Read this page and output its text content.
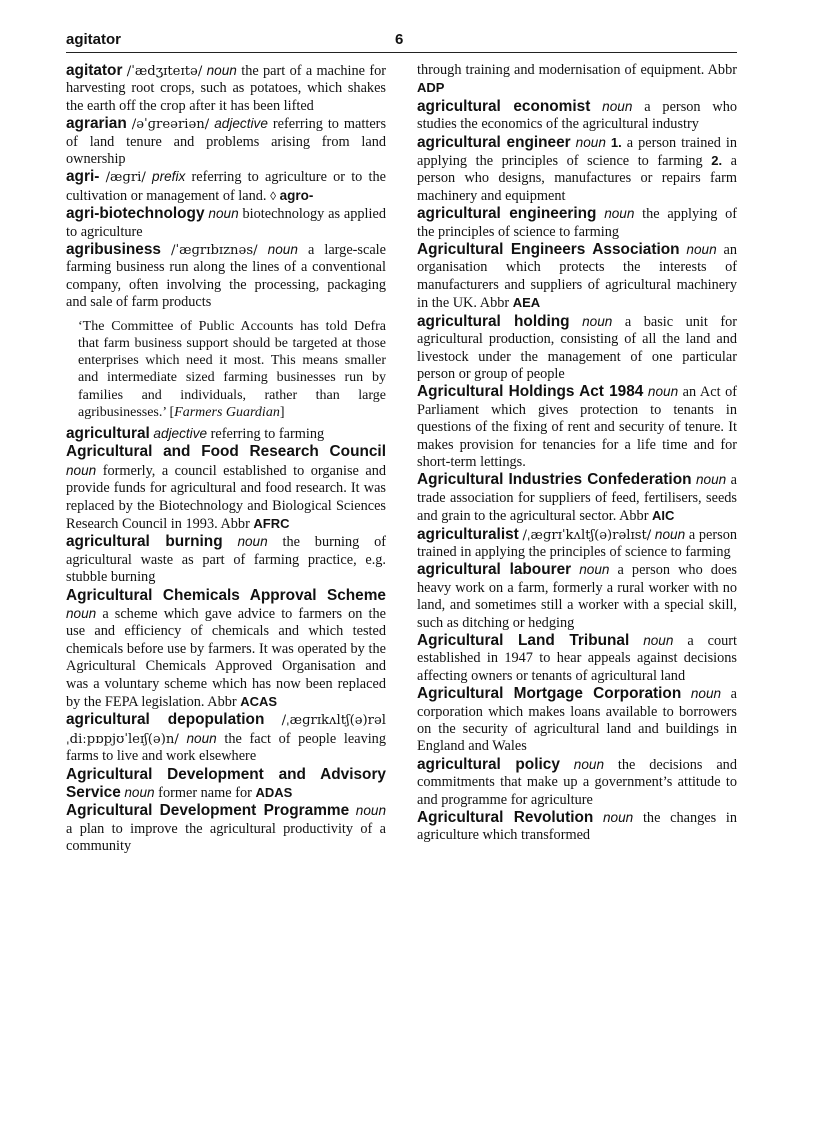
agitator	6

agitator / ˈædʒɪteɪtə / noun the part of a machine for harvesting root crops, such as potatoes, which shakes the earth off the crop after it has been lifted

agrarian / əˈɡreəriən / adjective referring to matters of land tenure and problems arising from land ownership

agri- / æɡri / prefix referring to agriculture or to the cultivation or management of land. ◊ agro-

agri-biotechnology noun biotechnology as applied to agriculture

agribusiness / ˈæɡrɪbɪznəs / noun a large-scale farming business run along the lines of a conventional company, often involving the processing, packaging and sale of farm products

‘The Committee of Public Accounts has told Defra that farm business support should be targeted at those enterprises which need it most. This means smaller and intermediate sized farming businesses run by families and individuals, rather than large agribusinesses.’ [Farmers Guardian]

agricultural adjective referring to farming

Agricultural and Food Research Council noun formerly, a council established to organise and provide funds for agricultural and food research. It was replaced by the Biotechnology and Biological Sciences Research Council in 1993. Abbr AFRC

agricultural burning noun the burning of agricultural waste as part of farming practice, e.g. stubble burning

Agricultural Chemicals Approval Scheme noun a scheme which gave advice to farmers on the use and efficiency of chemicals and which tested chemicals before use by farmers. It was operated by the Agricultural Chemicals Approved Organisation and was a voluntary scheme which has now been replaced by the FEPA legislation. Abbr ACAS

agricultural depopulation / ˌæɡrɪkʌltʃ(ə)rəl ˌdiːpɒpjʊˈleɪʃ(ə)n / noun the fact of people leaving farms to live and work elsewhere

Agricultural Development and Advisory Service noun former name for ADAS

Agricultural Development Programme noun a plan to improve the agricultural productivity of a community

through training and modernisation of equipment. Abbr ADP

agricultural economist noun a person who studies the economics of the agricultural industry

agricultural engineer noun 1. a person trained in applying the principles of science to farming 2. a person who designs, manufactures or repairs farm machinery and equipment

agricultural engineering noun the applying of the principles of science to farming

Agricultural Engineers Association noun an organisation which protects the interests of manufacturers and suppliers of agricultural machinery in the UK. Abbr AEA

agricultural holding noun a basic unit for agricultural production, consisting of all the land and livestock under the management of one particular person or group of people

Agricultural Holdings Act 1984 noun an Act of Parliament which gives protection to tenants in questions of the fixing of rent and security of tenure. It makes provision for tenancies for a life time and for short-term lettings.

Agricultural Industries Confederation noun a trade association for suppliers of feed, fertilisers, seeds and grain to the agricultural sector. Abbr AIC

agriculturalist / ˌæɡrɪˈkʌltʃ(ə)rəlɪst / noun a person trained in applying the principles of science to farming

agricultural labourer noun a person who does heavy work on a farm, formerly a rural worker with no land, and sometimes still a worker with a special skill, such as ditching or hedging

Agricultural Land Tribunal noun a court established in 1947 to hear appeals against decisions affecting owners or tenants of agricultural land

Agricultural Mortgage Corporation noun a corporation which makes loans available to borrowers on the security of agricultural land and buildings in England and Wales

agricultural policy noun the decisions and commitments that make up a government’s attitude to and programme for agriculture

Agricultural Revolution noun the changes in agriculture which transformed
